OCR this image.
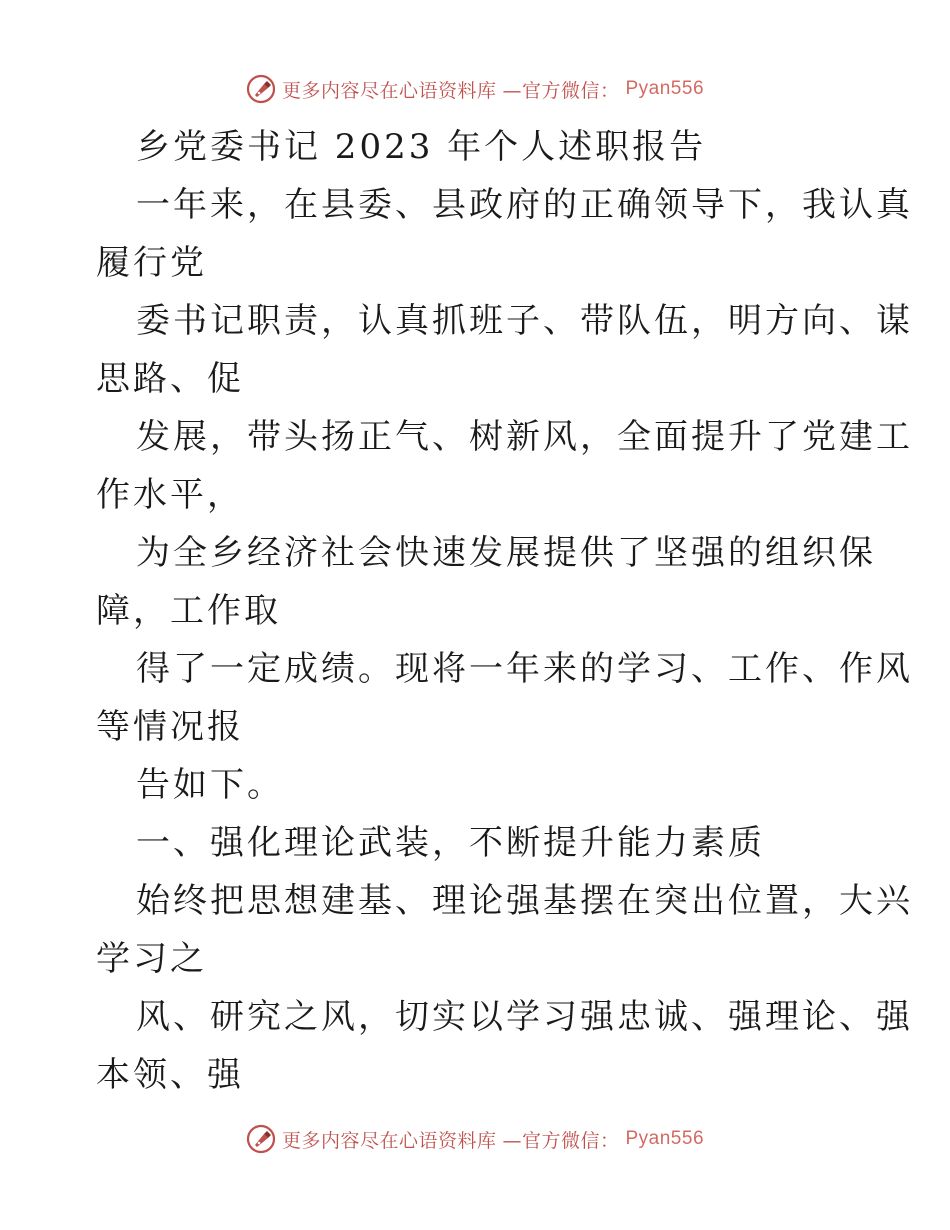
更多内容尽在心语资料库 —官方微信： Pyan556
乡党委书记 2023 年个人述职报告
一年来，在县委、县政府的正确领导下，我认真
履行党
委书记职责，认真抓班子、带队伍，明方向、谋
思路、促
发展，带头扬正气、树新风，全面提升了党建工
作水平，
为全乡经济社会快速发展提供了坚强的组织保
障，工作取
得了一定成绩。现将一年来的学习、工作、作风
等情况报
告如下。
一、强化理论武装，不断提升能力素质
始终把思想建基、理论强基摆在突出位置，大兴
学习之
风、研究之风，切实以学习强忠诚、强理论、强
本领、强
更多内容尽在心语资料库 —官方微信： Pyan556
